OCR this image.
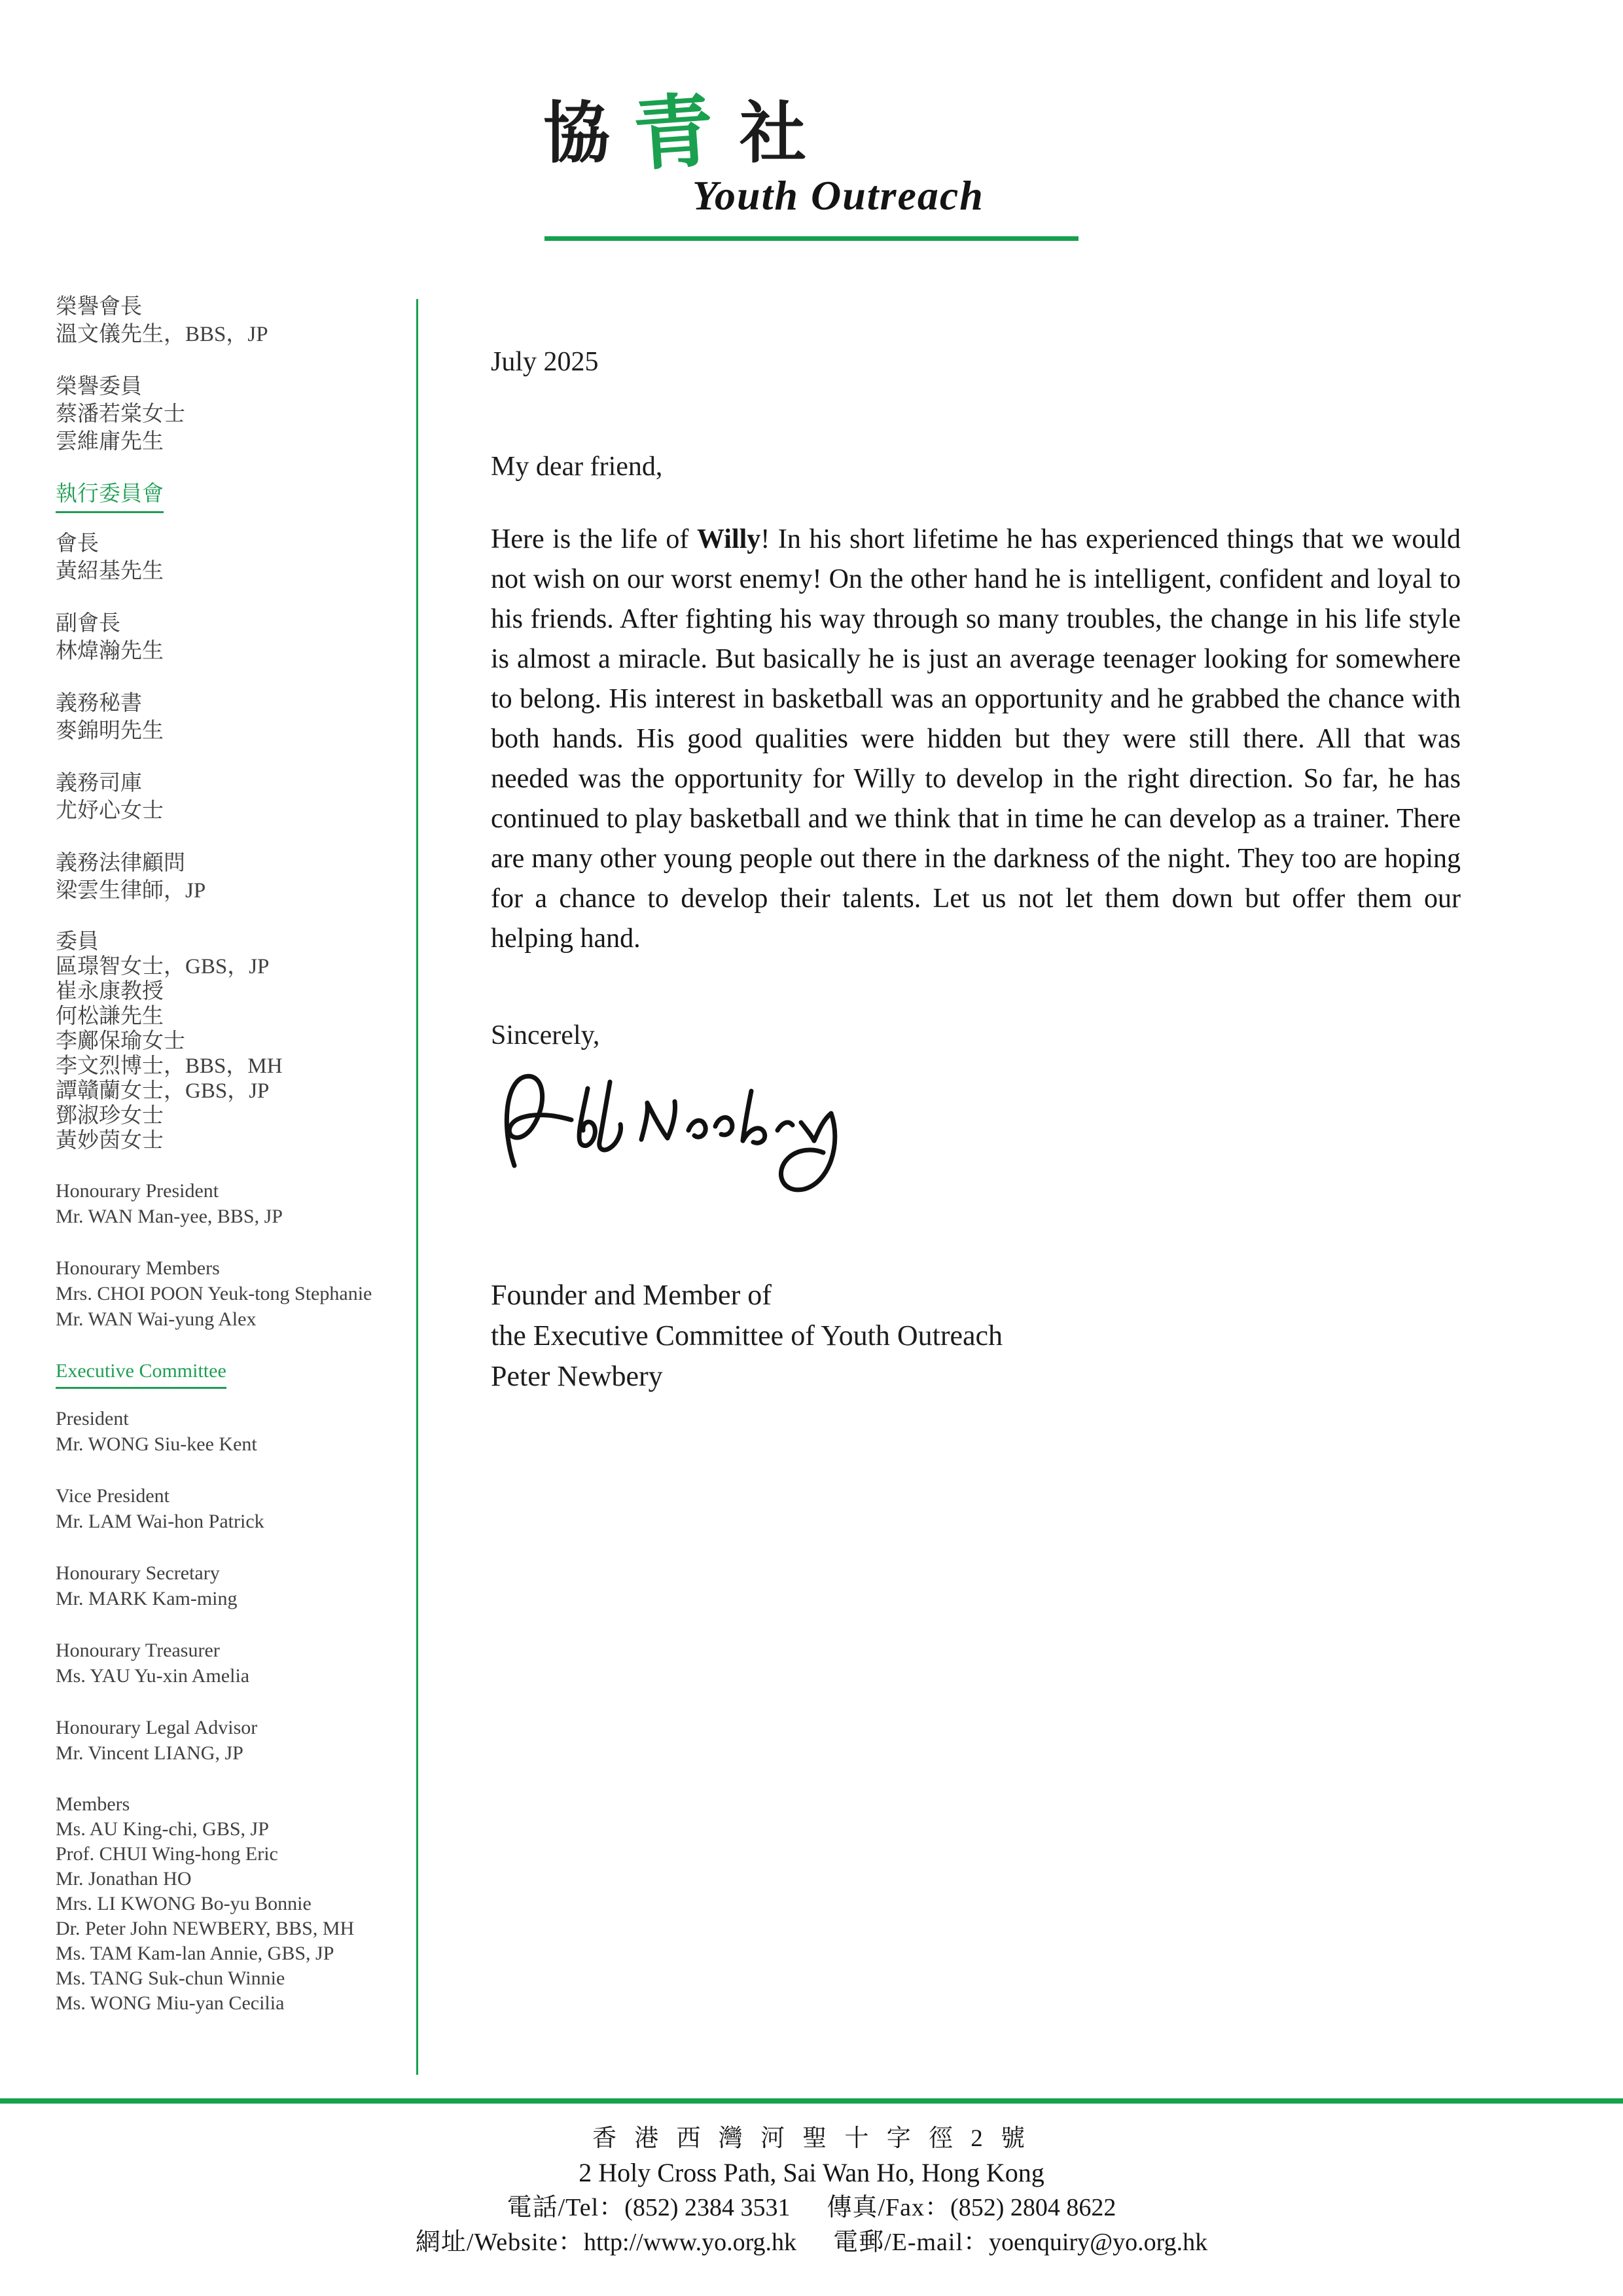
協 青 社
Youth Outreach
榮譽會長
溫文儀先生，BBS，JP
榮譽委員
蔡潘若棠女士
雲維庸先生
執行委員會
會長
黃紹基先生
副會長
林煒瀚先生
義務秘書
麥錦明先生
義務司庫
尤妤心女士
義務法律顧問
梁雲生律師，JP
委員
區璟智女士，GBS，JP
崔永康教授
何松謙先生
李鄺保瑜女士
李文烈博士，BBS，MH
譚贛蘭女士，GBS，JP
鄧淑珍女士
黃妙茵女士
Honourary President
Mr. WAN Man-yee, BBS, JP
Honourary Members
Mrs. CHOI POON Yeuk-tong Stephanie
Mr. WAN Wai-yung Alex
Executive Committee
President
Mr. WONG Siu-kee Kent
Vice President
Mr. LAM Wai-hon Patrick
Honourary Secretary
Mr. MARK Kam-ming
Honourary Treasurer
Ms. YAU Yu-xin Amelia
Honourary Legal Advisor
Mr. Vincent LIANG, JP
Members
Ms. AU King-chi, GBS, JP
Prof. CHUI Wing-hong Eric
Mr. Jonathan HO
Mrs. LI KWONG Bo-yu Bonnie
Dr. Peter John NEWBERY, BBS, MH
Ms. TAM Kam-lan Annie, GBS, JP
Ms. TANG Suk-chun Winnie
Ms. WONG Miu-yan Cecilia
July 2025
My dear friend,
Here is the life of Willy! In his short lifetime he has experienced things that we would not wish on our worst enemy! On the other hand he is intelligent, confident and loyal to his friends. After fighting his way through so many troubles, the change in his life style is almost a miracle. But basically he is just an average teenager looking for somewhere to belong. His interest in basketball was an opportunity and he grabbed the chance with both hands. His good qualities were hidden but they were still there. All that was needed was the opportunity for Willy to develop in the right direction. So far, he has continued to play basketball and we think that in time he can develop as a trainer. There are many other young people out there in the darkness of the night. They too are hoping for a chance to develop their talents. Let us not let them down but offer them our helping hand.
Sincerely,
Founder and Member of
the Executive Committee of Youth Outreach
Peter Newbery
香 港 西 灣 河 聖 十 字 徑 2 號
2 Holy Cross Path, Sai Wan Ho, Hong Kong
電話/Tel：(852) 2384 3531 傳真/Fax：(852) 2804 8622
網址/Website：http://www.yo.org.hk 電郵/E-mail：yoenquiry@yo.org.hk
